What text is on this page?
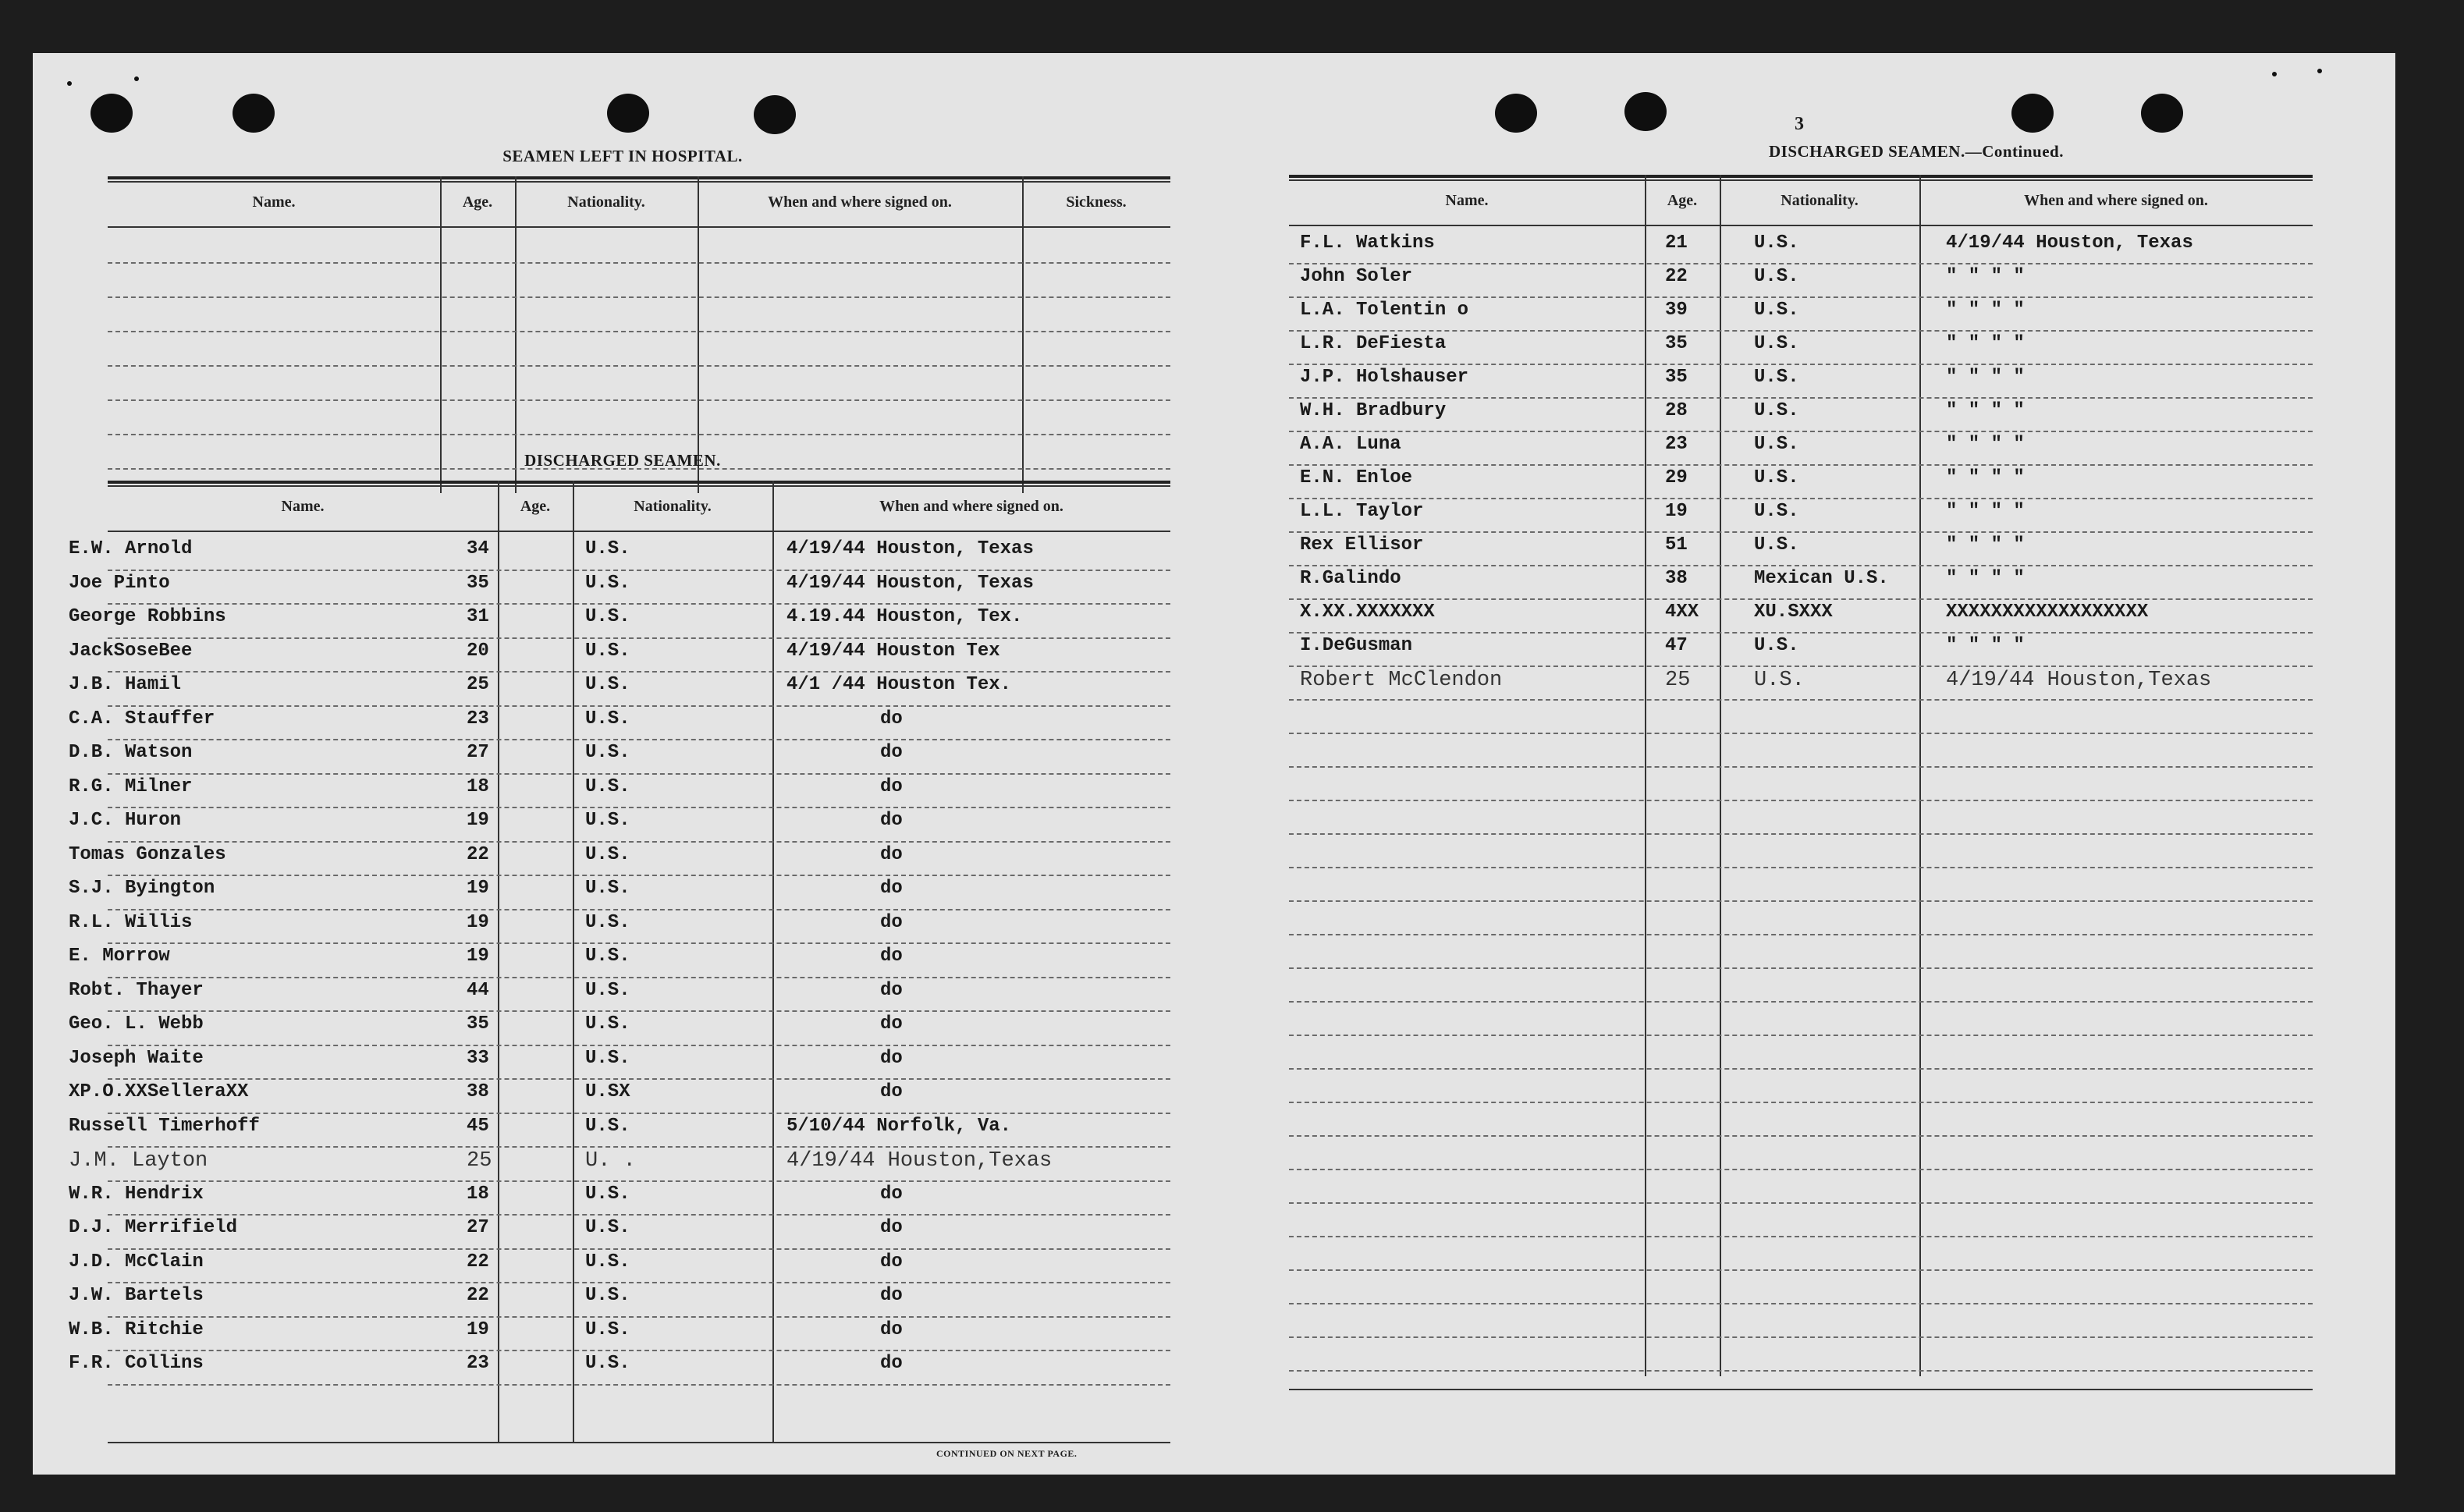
SEAMEN LEFT IN HOSPITAL.
Name.	Age.	Nationality.	When and where signed on.	Sickness.
DISCHARGED SEAMEN.
Name.	Age.	Nationality.	When and where signed on.
E.W. Arnold	34	U.S.	4/19/44 Houston, Texas
Joe Pinto	35	U.S.	4/19/44 Houston, Texas
George Robbins	31	U.S.	4.19.44 Houston, Tex.
JackSoseBee	20	U.S.	4/19/44 Houston Tex
J.B. Hamil	25	U.S.	4/1 /44 Houston Tex.
C.A. Stauffer	23	U.S.	do
D.B. Watson	27	U.S.	do
R.G. Milner	18	U.S.	do
J.C. Huron	19	U.S.	do
Tomas Gonzales	22	U.S.	do
S.J. Byington	19	U.S.	do
R.L. Willis	19	U.S.	do
E. Morrow	19	U.S.	do
Robt. Thayer	44	U.S.	do
Geo. L. Webb	35	U.S.	do
Joseph Waite	33	U.S.	do
XP.O.XXSelleraXX	38	U.SX	do
Russell Timerhoff	45	U.S.	5/10/44 Norfolk, Va.
J.M. Layton	25	U. .	4/19/44 Houston,Texas
W.R. Hendrix	18	U.S.	do
D.J. Merrifield	27	U.S.	do
J.D. McClain	22	U.S.	do
J.W. Bartels	22	U.S.	do
W.B. Ritchie	19	U.S.	do
F.R. Collins	23	U.S.	do
CONTINUED ON NEXT PAGE.
3
DISCHARGED SEAMEN.—Continued.
Name.	Age.	Nationality.	When and where signed on.
F.L. Watkins	21	U.S.	4/19/44 Houston, Texas
John Soler	22	U.S.	" " " "
L.A. Tolentin o	39	U.S.	" " " "
L.R. DeFiesta	35	U.S.	" " " "
J.P. Holshauser	35	U.S.	" " " "
W.H. Bradbury	28	U.S.	" " " "
A.A. Luna	23	U.S.	" " " "
E.N. Enloe	29	U.S.	" " " "
L.L. Taylor	19	U.S.	" " " "
Rex Ellisor	51	U.S.	" " " "
R.Galindo	38	Mexican U.S.	" " " "
X.XX.XXXXXXX	4XX	XU.SXXX	XXXXXXXXXXXXXXXXXX
I.DeGusman	47	U.S.	" " " "
Robert McClendon	25	U.S.	4/19/44 Houston,Texas
